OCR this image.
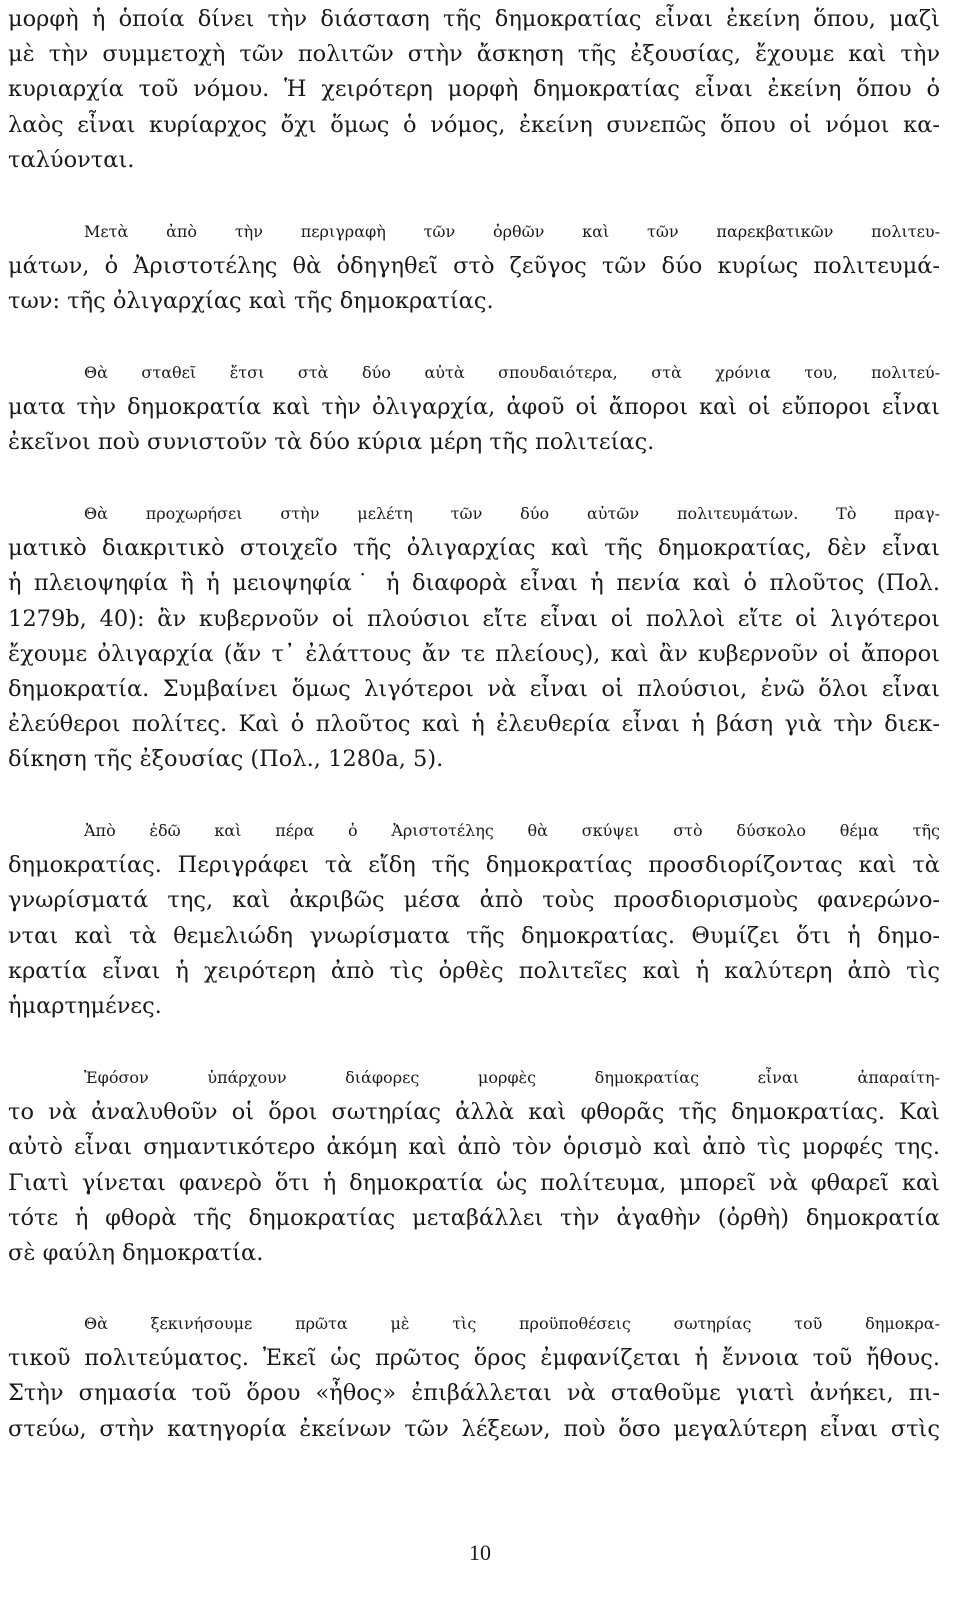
μορφὴ ἡ ὁποία δίνει τὴν διάσταση τῆς δημοκρατίας εἶναι ἐκείνη ὅπου, μαζὶ
μὲ τὴν συμμετοχὴ τῶν πολιτῶν στὴν ἄσκηση τῆς ἐξουσίας, ἔχουμε καὶ τὴν
κυριαρχία τοῦ νόμου. Ἡ χειρότερη μορφὴ δημοκρατίας εἶναι ἐκείνη ὅπου ὁ
λαὸς εἶναι κυρίαρχος ὄχι ὅμως ὁ νόμος, ἐκείνη συνεπῶς ὅπου οἱ νόμοι κα-
ταλύονται.

Μετὰ ἀπὸ τὴν περιγραφὴ τῶν ὀρθῶν καὶ τῶν παρεκβατικῶν πολιτευ-
μάτων, ὁ Ἀριστοτέλης θὰ ὁδηγηθεῖ στὸ ζεῦγος τῶν δύο κυρίως πολιτευμά-
των: τῆς ὀλιγαρχίας καὶ τῆς δημοκρατίας.

Θὰ σταθεῖ ἔτσι στὰ δύο αὐτὰ σπουδαιότερα, στὰ χρόνια του, πολιτεύ-
ματα τὴν δημοκρατία καὶ τὴν ὀλιγαρχία, ἀφοῦ οἱ ἄποροι καὶ οἱ εὔποροι εἶναι
ἐκεῖνοι ποὺ συνιστοῦν τὰ δύο κύρια μέρη τῆς πολιτείας.

Θὰ προχωρήσει στὴν μελέτη τῶν δύο αὐτῶν πολιτευμάτων. Τὸ πραγ-
ματικὸ διακριτικὸ στοιχεῖο τῆς ὀλιγαρχίας καὶ τῆς δημοκρατίας, δὲν εἶναι
ἡ πλειοψηφία ἢ ἡ μειοψηφία˙ ἡ διαφορὰ εἶναι ἡ πενία καὶ ὁ πλοῦτος (Πολ.
1279b, 40): ἂν κυβερνοῦν οἱ πλούσιοι εἴτε εἶναι οἱ πολλοὶ εἴτε οἱ λιγότεροι
ἔχουμε ὀλιγαρχία (ἄν τ᾽ ἐλάττους ἄν τε πλείους), καὶ ἂν κυβερνοῦν οἱ ἄποροι
δημοκρατία. Συμβαίνει ὅμως λιγότεροι νὰ εἶναι οἱ πλούσιοι, ἐνῶ ὅλοι εἶναι
ἐλεύθεροι πολίτες. Καὶ ὁ πλοῦτος καὶ ἡ ἐλευθερία εἶναι ἡ βάση γιὰ τὴν διεκ-
δίκηση τῆς ἐξουσίας (Πολ., 1280a, 5).

Ἀπὸ ἐδῶ καὶ πέρα ὁ Ἀριστοτέλης θὰ σκύψει στὸ δύσκολο θέμα τῆς
δημοκρατίας. Περιγράφει τὰ εἴδη τῆς δημοκρατίας προσδιορίζοντας καὶ τὰ
γνωρίσματά της, καὶ ἀκριβῶς μέσα ἀπὸ τοὺς προσδιορισμοὺς φανερώνο-
νται καὶ τὰ θεμελιώδη γνωρίσματα τῆς δημοκρατίας. Θυμίζει ὅτι ἡ δημο-
κρατία εἶναι ἡ χειρότερη ἀπὸ τὶς ὀρθὲς πολιτεῖες καὶ ἡ καλύτερη ἀπὸ τὶς
ἡμαρτημένες.

Ἐφόσον ὑπάρχουν διάφορες μορφὲς δημοκρατίας εἶναι ἀπαραίτη-
το νὰ ἀναλυθοῦν οἱ ὅροι σωτηρίας ἀλλὰ καὶ φθορᾶς τῆς δημοκρατίας. Καὶ
αὐτὸ εἶναι σημαντικότερο ἀκόμη καὶ ἀπὸ τὸν ὁρισμὸ καὶ ἀπὸ τὶς μορφές της.
Γιατὶ γίνεται φανερὸ ὅτι ἡ δημοκρατία ὡς πολίτευμα, μπορεῖ νὰ φθαρεῖ καὶ
τότε ἡ φθορὰ τῆς δημοκρατίας μεταβάλλει τὴν ἀγαθὴν (ὀρθὴ) δημοκρατία
σὲ φαύλη δημοκρατία.

Θὰ ξεκινήσουμε πρῶτα μὲ τὶς προϋποθέσεις σωτηρίας τοῦ δημοκρα-
τικοῦ πολιτεύματος. Ἐκεῖ ὡς πρῶτος ὅρος ἐμφανίζεται ἡ ἔννοια τοῦ ἤθους.
Στὴν σημασία τοῦ ὅρου «ἦθος» ἐπιβάλλεται νὰ σταθοῦμε γιατὶ ἀνήκει, πι-
στεύω, στὴν κατηγορία ἐκείνων τῶν λέξεων, ποὺ ὅσο μεγαλύτερη εἶναι στὶς

10
